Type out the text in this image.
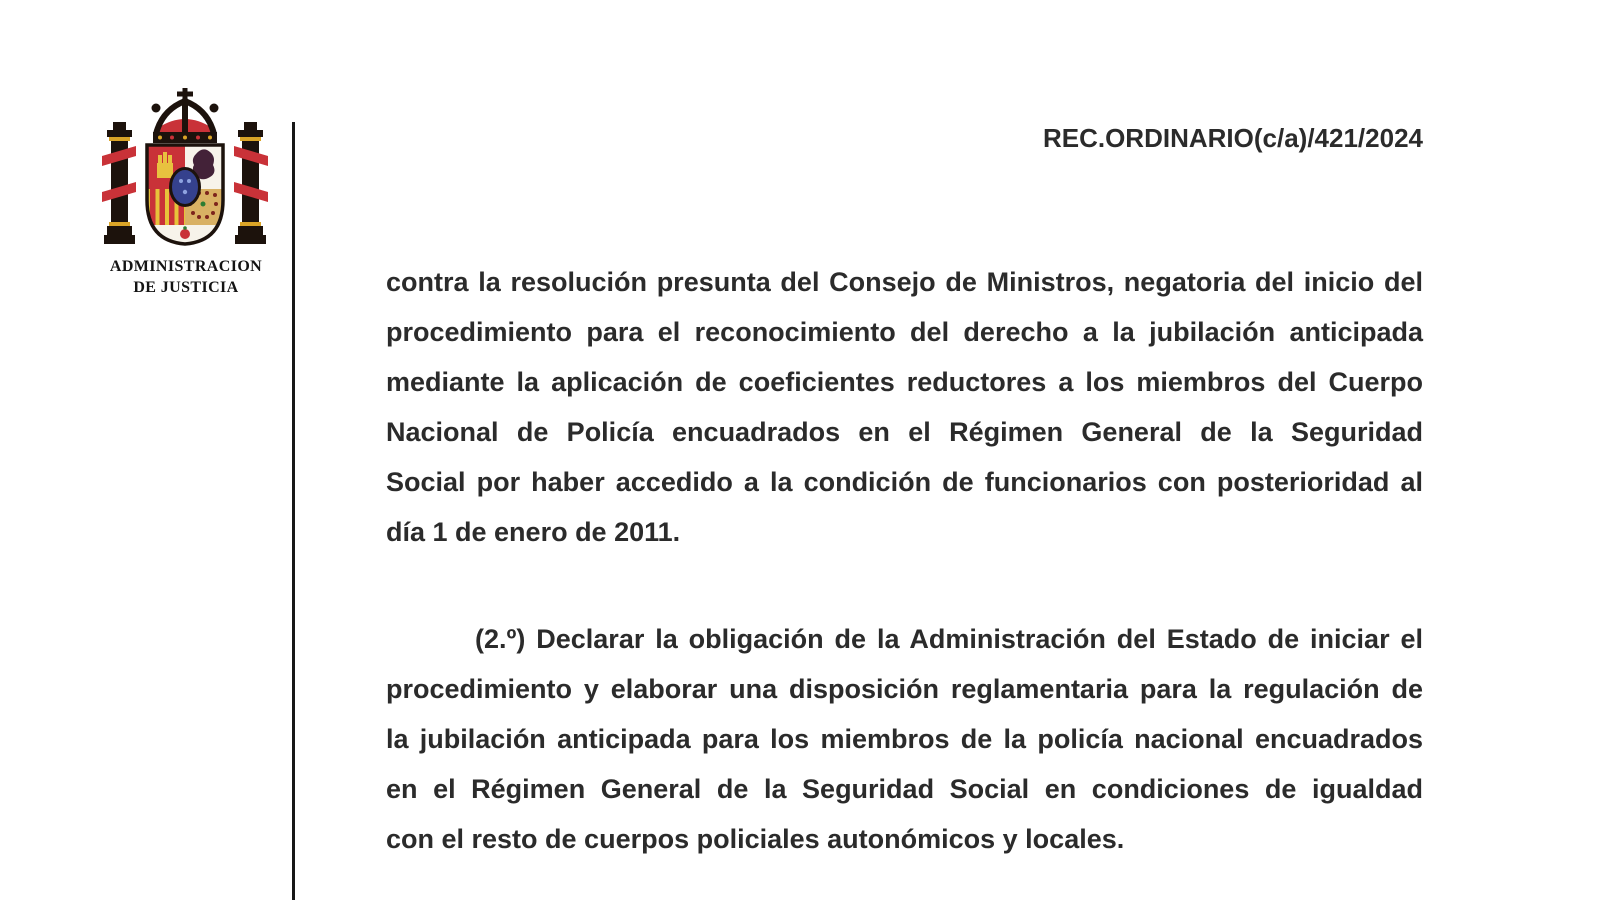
ADMINISTRACION
DE JUSTICIA
REC.ORDINARIO(c/a)/421/2024
contra la resolución presunta del Consejo de Ministros, negatoria del inicio del
procedimiento para el reconocimiento del derecho a la jubilación anticipada
mediante la aplicación de coeficientes reductores a los miembros del Cuerpo
Nacional de Policía encuadrados en el Régimen General de la Seguridad
Social por haber accedido a la condición de funcionarios con posterioridad al
día 1 de enero de 2011.
(2.º) Declarar la obligación de la Administración del Estado de iniciar el
procedimiento y elaborar una disposición reglamentaria para la regulación de
la jubilación anticipada para los miembros de la policía nacional encuadrados
en el Régimen General de la Seguridad Social en condiciones de igualdad
con el resto de cuerpos policiales autonómicos y locales.
